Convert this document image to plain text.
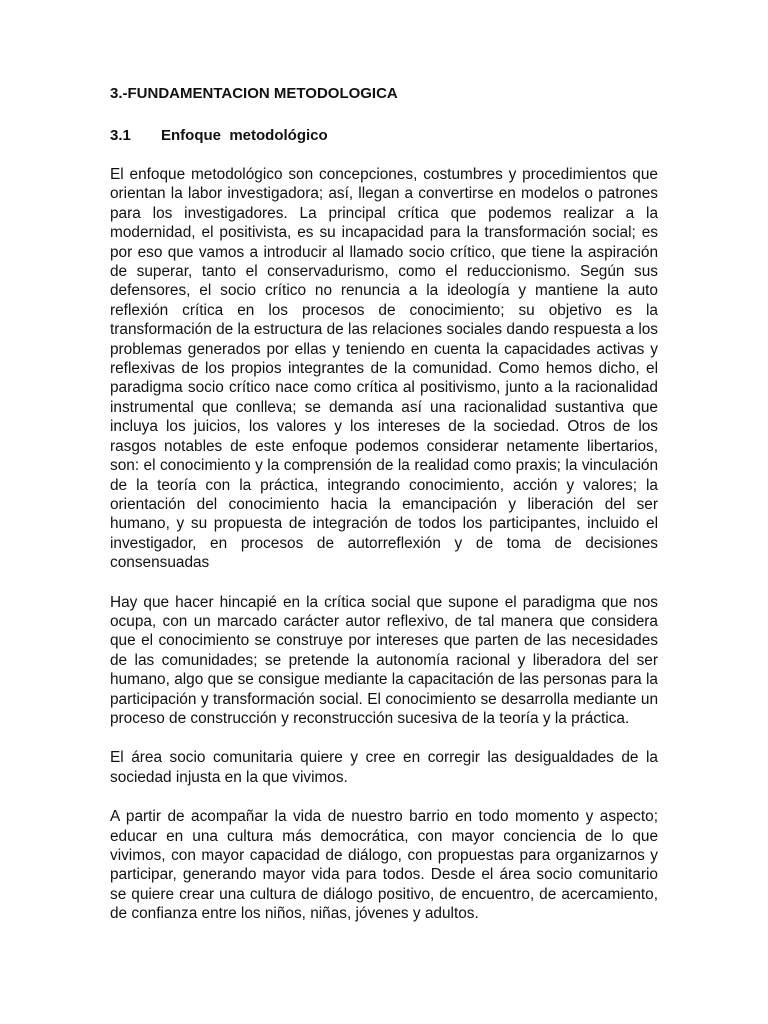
3.-FUNDAMENTACION METODOLOGICA
3.1	Enfoque  metodológico

El enfoque metodológico son concepciones, costumbres y procedimientos que orientan la labor investigadora; así, llegan a convertirse en modelos o patrones para los investigadores. La principal crítica que podemos realizar a la modernidad, el positivista, es su incapacidad para la transformación social; es por eso que vamos a introducir al llamado socio crítico, que tiene la aspiración de superar, tanto el conservadurismo, como el reduccionismo. Según sus defensores, el socio crítico no renuncia a la ideología y mantiene la auto reflexión crítica en los procesos de conocimiento; su objetivo es la transformación de la estructura de las relaciones sociales dando respuesta a los problemas generados por ellas y teniendo en cuenta la capacidades activas y reflexivas de los propios integrantes de la comunidad. Como hemos dicho, el paradigma socio crítico nace como crítica al positivismo, junto a la racionalidad instrumental que conlleva; se demanda así una racionalidad sustantiva que incluya los juicios, los valores y los intereses de la sociedad. Otros de los rasgos notables de este enfoque podemos considerar netamente libertarios, son: el conocimiento y la comprensión de la realidad como praxis; la vinculación de la teoría con la práctica, integrando conocimiento, acción y valores; la orientación del conocimiento hacia la emancipación y liberación del ser humano, y su propuesta de integración de todos los participantes, incluido el investigador, en procesos de autorreflexión y de toma de decisiones consensuadas

Hay que hacer hincapié en la crítica social que supone el paradigma que nos ocupa, con un marcado carácter autor reflexivo, de tal manera que considera que el conocimiento se construye por intereses que parten de las necesidades de las comunidades; se pretende la autonomía racional y liberadora del ser humano, algo que se consigue mediante la capacitación de las personas para la participación y transformación social. El conocimiento se desarrolla mediante un proceso de construcción y reconstrucción sucesiva de la teoría y la práctica.

El área socio comunitaria quiere y cree en corregir las desigualdades de la sociedad injusta en la que vivimos.

A partir de acompañar la vida de nuestro barrio en todo momento y aspecto; educar en una cultura más democrática, con mayor conciencia de lo que vivimos, con mayor capacidad de diálogo, con propuestas para organizarnos y participar, generando mayor vida para todos. Desde el área socio comunitario se quiere crear una cultura de diálogo positivo, de encuentro, de acercamiento, de confianza entre los niños, niñas, jóvenes y adultos.
